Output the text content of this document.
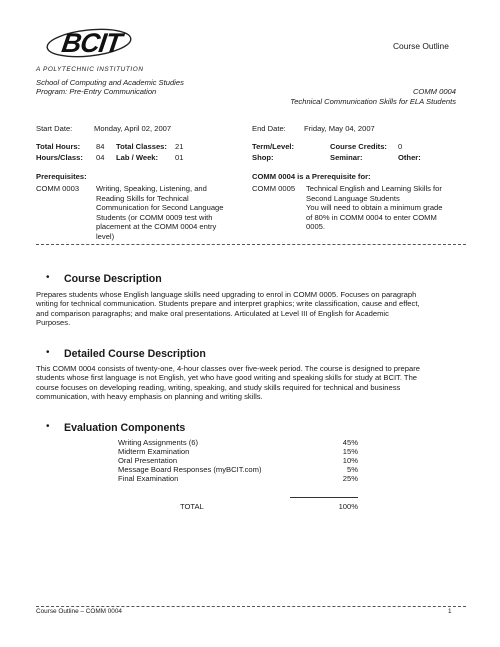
BCIT
A POLYTECHNIC INSTITUTION
Course Outline
School of Computing and Academic Studies
Program: Pre-Entry Communication	COMM 0004
Technical Communication Skills for ELA Students
Start Date:	Monday, April 02, 2007	End Date: Friday, May 04, 2007
Total Hours: 84 Total Classes: 21	Term/Level:	Course Credits: 0
Hours/Class: 04 Lab / Week: 01	Shop:	Seminar:	Other:
Prerequisites:
COMM 0003 Writing, Speaking, Listening, and
Reading Skills for Technical
Communication for Second Language
Students (or COMM 0009 test with
placement at the COMM 0004 entry
level)
COMM 0004 is a Prerequisite for:
COMM 0005 Technical English and Learning Skills for
Second Language Students
You will need to obtain a minimum grade
of 80% in COMM 0004 to enter COMM
0005.
• Course Description
Prepares students whose English language skills need upgrading to enrol in COMM 0005. Focuses on paragraph
writing for technical communication. Students prepare and interpret graphics; write classification, cause and effect,
and comparison paragraphs; and make oral presentations. Articulated at Level III of English for Academic
Purposes.
• Detailed Course Description
This COMM 0004 consists of twenty-one, 4-hour classes over five-week period. The course is designed to prepare
students whose first language is not English, yet who have good writing and speaking skills for study at BCIT. The
course focuses on developing reading, writing, speaking, and study skills required for technical and business
communication, with heavy emphasis on planning and writing skills.
• Evaluation Components
Writing Assignments (6)	45%
Midterm Examination	15%
Oral Presentation	10%
Message Board Responses (myBCIT.com)	5%
Final Examination	25%
TOTAL	100%
Course Outline – COMM 0004	1
